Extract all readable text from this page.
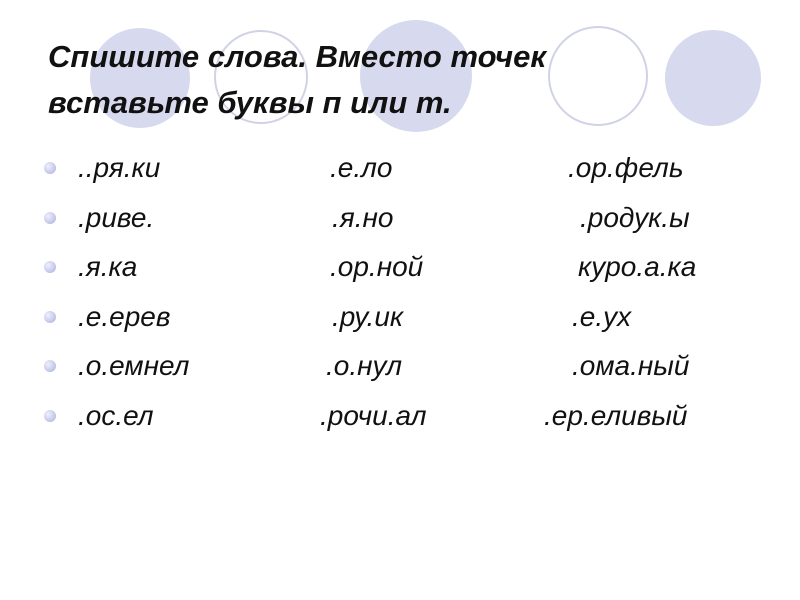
Спишите слова. Вместо точек
вставьте буквы п или т.
..ря.ки	.е.ло	.ор.фель
.риве.	.я.но	.родук.ы
.я.ка	.ор.ной	куро.а.ка
.е.ерев	.ру.ик	.е.ух
.о.емнел	.о.нул	.ома.ный
.ос.ел	.рочи.ал	.ер.еливый
